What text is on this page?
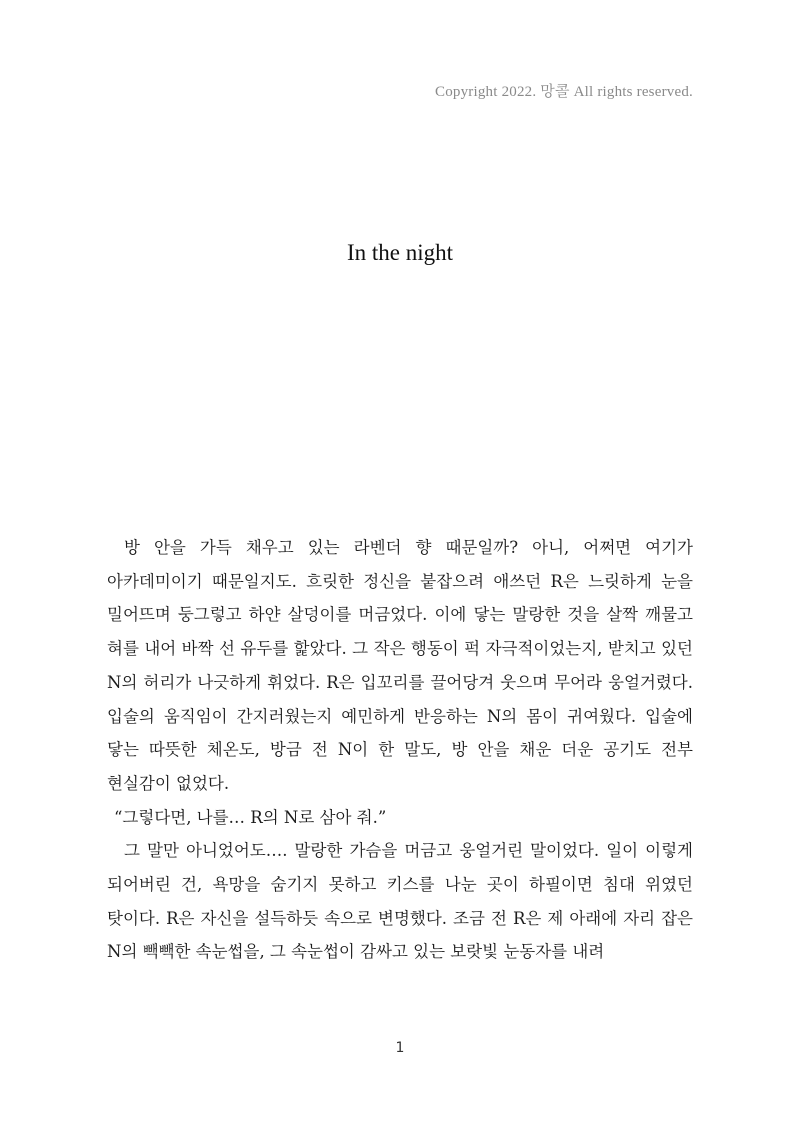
Copyright 2022. 망콜 All rights reserved.
In the night

방 안을 가득 채우고 있는 라벤더 향 때문일까? 아니, 어쩌면 여기가 아카데미이기 때문일지도. 흐릿한 정신을 붙잡으려 애쓰던 R은 느릿하게 눈을 밀어뜨며 둥그렇고 하얀 살덩이를 머금었다. 이에 닿는 말랑한 것을 살짝 깨물고 혀를 내어 바짝 선 유두를 핥았다. 그 작은 행동이 퍽 자극적이었는지, 받치고 있던 N의 허리가 나긋하게 휘었다. R은 입꼬리를 끌어당겨 웃으며 무어라 웅얼거렸다. 입술의 움직임이 간지러웠는지 예민하게 반응하는 N의 몸이 귀여웠다. 입술에 닿는 따뜻한 체온도, 방금 전 N이 한 말도, 방 안을 채운 더운 공기도 전부 현실감이 없었다.

“그렇다면, 나를… R의 N로 삼아 줘.”

그 말만 아니었어도…. 말랑한 가슴을 머금고 웅얼거린 말이었다. 일이 이렇게 되어버린 건, 욕망을 숨기지 못하고 키스를 나눈 곳이 하필이면 침대 위였던 탓이다. R은 자신을 설득하듯 속으로 변명했다. 조금 전 R은 제 아래에 자리 잡은 N의 빽빽한 속눈썹을, 그 속눈썹이 감싸고 있는 보랏빛 눈동자를 내려

1
